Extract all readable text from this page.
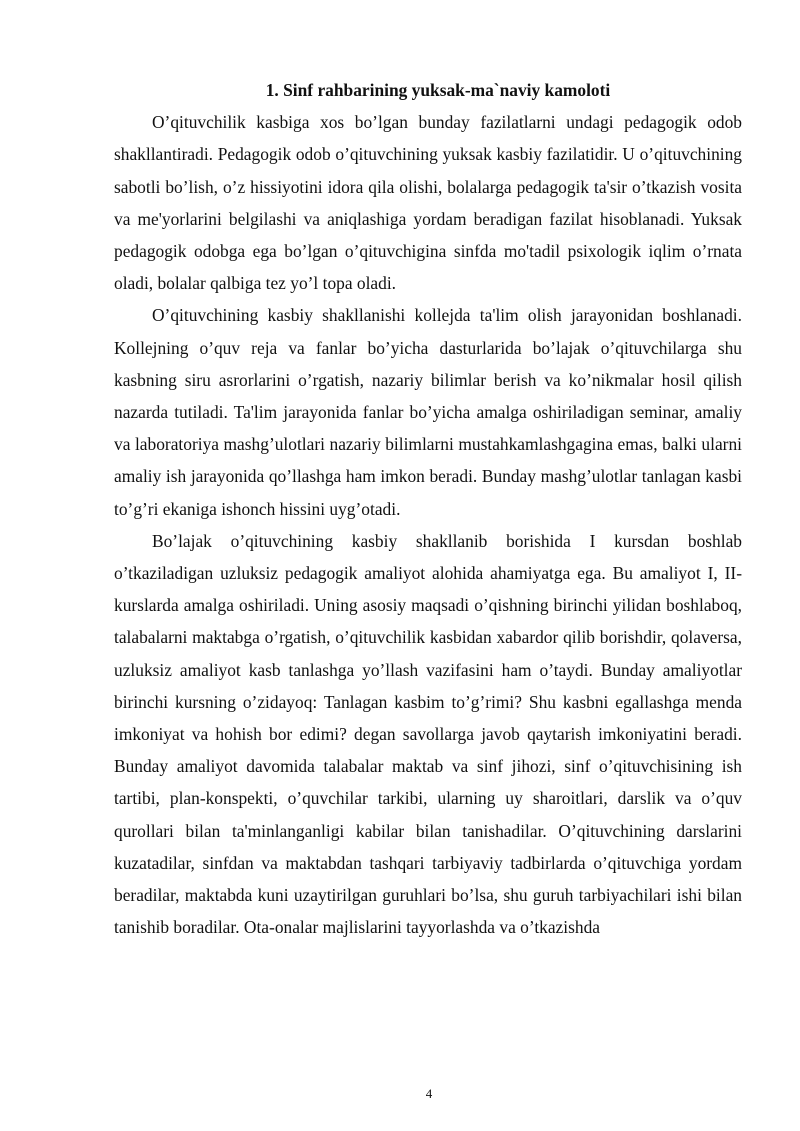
1. Sinf rahbarining yuksak-ma`naviy kamoloti

O’qituvchilik kasbiga xos bo’lgan bunday fazilatlarni undagi pedagogik odob shakllantiradi. Pedagogik odob o’qituvchining yuksak kasbiy fazilatidir. U o’qituvchining sabotli bo’lish, o’z hissiyotini idora qila olishi, bolalarga pedagogik ta'sir o’tkazish vosita va me'yorlarini belgilashi va aniqlashiga yordam beradigan fazilat hisoblanadi. Yuksak pedagogik odobga ega bo’lgan o’qituvchigina sinfda mo'tadil psixologik iqlim o’rnata oladi, bolalar qalbiga tez yo’l topa oladi.

O’qituvchining kasbiy shakllanishi kollejda ta'lim olish jarayonidan boshlanadi. Kollejning o’quv reja va fanlar bo’yicha dasturlarida bo’lajak o’qituvchilarga shu kasbning siru asrorlarini o’rgatish, nazariy bilimlar berish va ko’nikmalar hosil qilish nazarda tutiladi. Ta'lim jarayonida fanlar bo’yicha amalga oshiriladigan seminar, amaliy va laboratoriya mashg’ulotlari nazariy bilimlarni mustahkamlashgagina emas, balki ularni amaliy ish jarayonida qo’llashga ham imkon beradi. Bunday mashg’ulotlar tanlagan kasbi to’g’ri ekaniga ishonch hissini uyg’otadi.

Bo’lajak o’qituvchining kasbiy shakllanib borishida I kursdan boshlab o’tkaziladigan uzluksiz pedagogik amaliyot alohida ahamiyatga ega. Bu amaliyot I, II-kurslarda amalga oshiriladi. Uning asosiy maqsadi o’qishning birinchi yilidan boshlaboq, talabalarni maktabga o’rgatish, o’qituvchilik kasbidan xabardor qilib borishdir, qolaversa, uzluksiz amaliyot kasb tanlashga yo’llash vazifasini ham o’taydi. Bunday amaliyotlar birinchi kursning o’zidayoq: Tanlagan kasbim to’g’rimi? Shu kasbni egallashga menda imkoniyat va hohish bor edimi? degan savollarga javob qaytarish imkoniyatini beradi. Bunday amaliyot davomida talabalar maktab va sinf jihozi, sinf o’qituvchisining ish tartibi, plan-konspekti, o’quvchilar tarkibi, ularning uy sharoitlari, darslik va o’quv qurollari bilan ta'minlanganligi kabilar bilan tanishadilar. O’qituvchining darslarini kuzatadilar, sinfdan va maktabdan tashqari tarbiyaviy tadbirlarda o’qituvchiga yordam beradilar, maktabda kuni uzaytirilgan guruhlari bo’lsa, shu guruh tarbiyachilari ishi bilan tanishib boradilar. Ota-onalar majlislarini tayyorlashda va o’tkazishda

4
